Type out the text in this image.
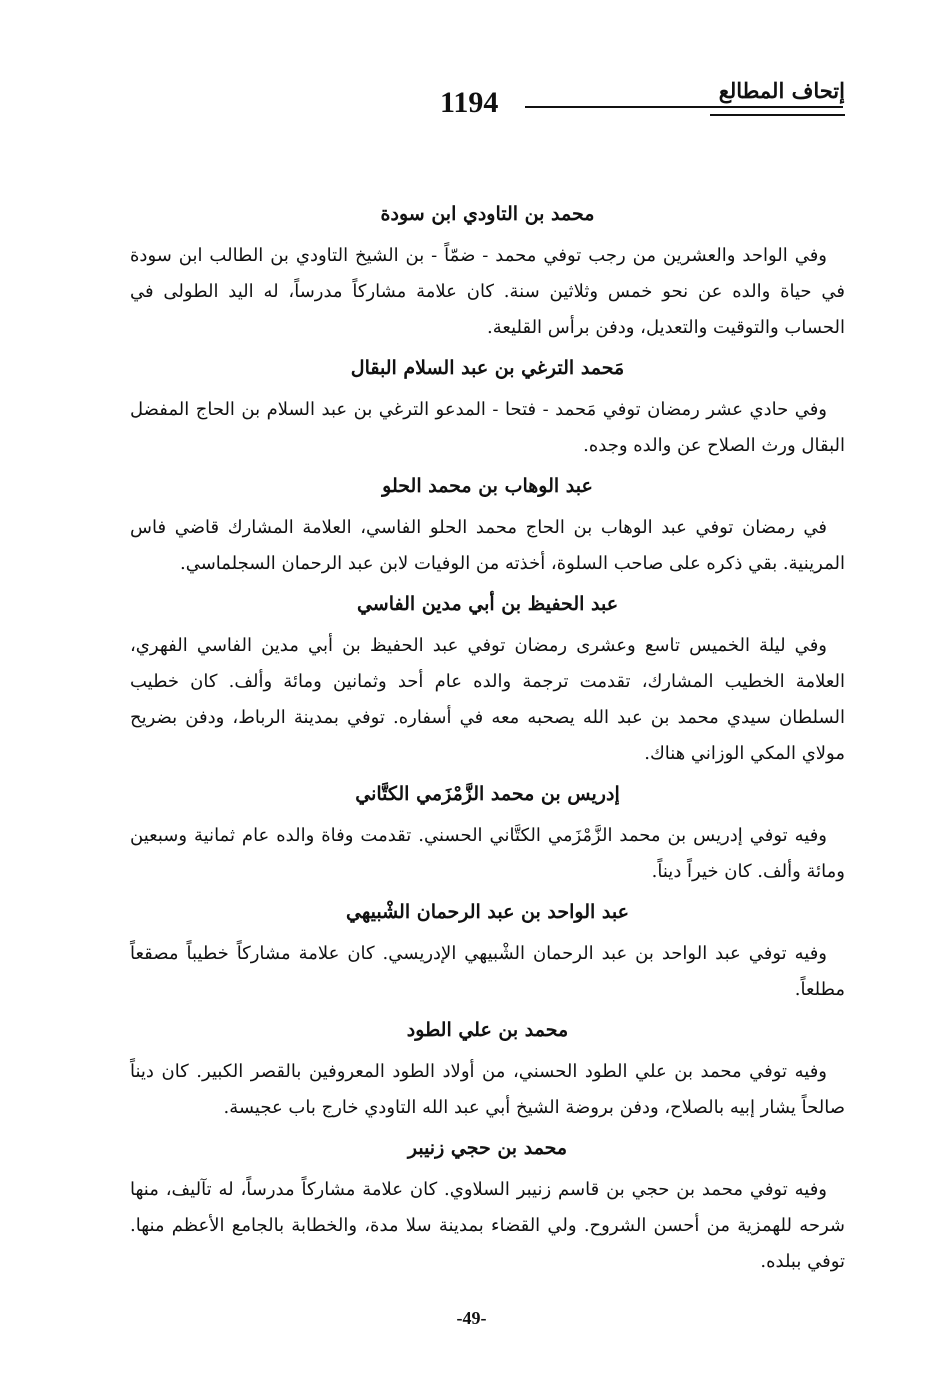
إتحاف المطالع
1194

محمد بن التاودي ابن سودة

وفي الواحد والعشرين من رجب توفي محمد - ضمّاً - بن الشيخ التاودي بن الطالب ابن سودة في حياة والده عن نحو خمس وثلاثين سنة. كان علامة مشاركاً مدرساً، له اليد الطولى في الحساب والتوقيت والتعديل، ودفن برأس القليعة.

مَحمد الترغي بن عبد السلام البقال

وفي حادي عشر رمضان توفي مَحمد - فتحا - المدعو الترغي بن عبد السلام بن الحاج المفضل البقال ورث الصلاح عن والده وجده.

عبد الوهاب بن محمد الحلو

في رمضان توفي عبد الوهاب بن الحاج محمد الحلو الفاسي، العلامة المشارك قاضي فاس المرينية. بقي ذكره على صاحب السلوة، أخذته من الوفيات لابن عبد الرحمان السجلماسي.

عبد الحفيظ بن أبي مدين الفاسي

وفي ليلة الخميس تاسع وعشرى رمضان توفي عبد الحفيظ بن أبي مدين الفاسي الفهري، العلامة الخطيب المشارك، تقدمت ترجمة والده عام أحد وثمانين ومائة وألف. كان خطيب السلطان سيدي محمد بن عبد الله يصحبه معه في أسفاره. توفي بمدينة الرباط، ودفن بضريح مولاي المكي الوزاني هناك.

إدريس بن محمد الزَّمْزَمي الكتَّاني

وفيه توفي إدريس بن محمد الزَّمْزَمي الكتَّاني الحسني. تقدمت وفاة والده عام ثمانية وسبعين ومائة وألف. كان خيراً ديناً.

عبد الواحد بن عبد الرحمان الشْبيهي

وفيه توفي عبد الواحد بن عبد الرحمان الشْبيهي الإدريسي. كان علامة مشاركاً خطيباً مصقعاً مطلعاً.

محمد بن علي الطود

وفيه توفي محمد بن علي الطود الحسني، من أولاد الطود المعروفين بالقصر الكبير. كان ديناً صالحاً يشار إبيه بالصلاح، ودفن بروضة الشيخ أبي عبد الله التاودي خارج باب عجيسة.

محمد بن حجي زنيبر

وفيه توفي محمد بن حجي بن قاسم زنيبر السلاوي. كان علامة مشاركاً مدرساً، له تآليف، منها شرحه للهمزية من أحسن الشروح. ولي القضاء بمدينة سلا مدة، والخطابة بالجامع الأعظم منها. توفي ببلده.

-49-
